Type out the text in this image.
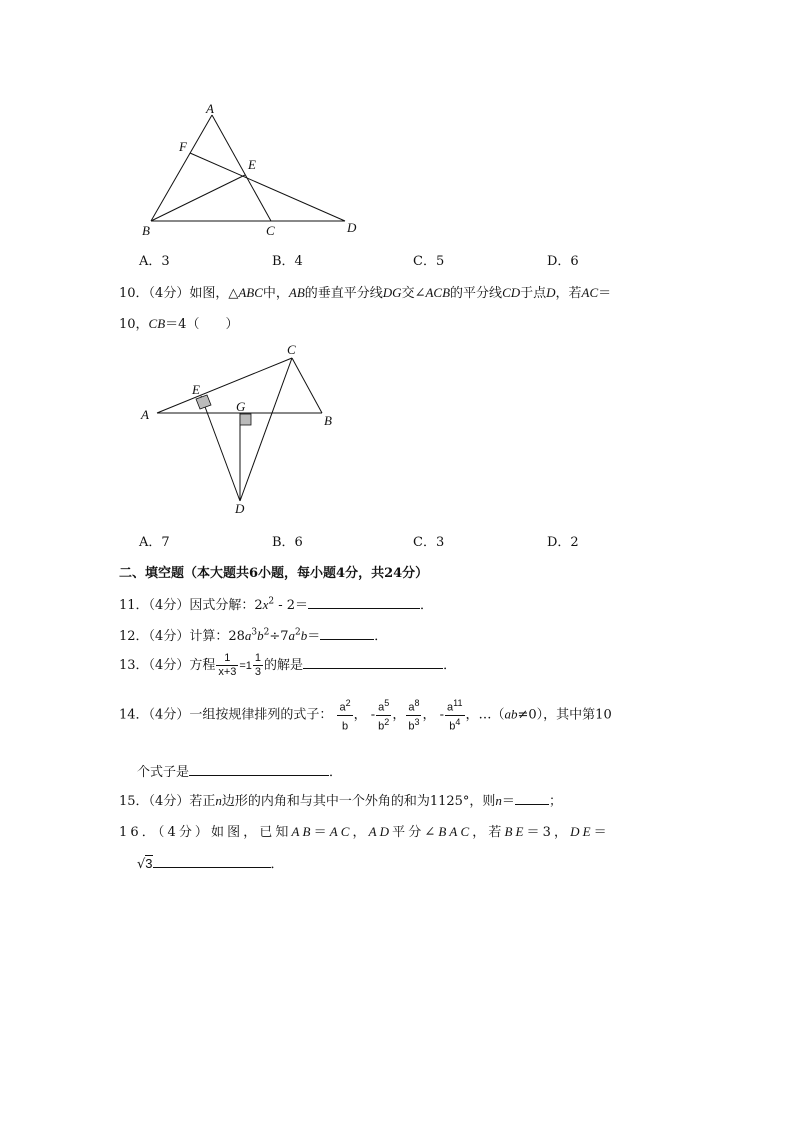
A
F
E
B	C	D
A．3	B．4	C．5	D．6
10．（4分）如图，△ABC中，AB的垂直平分线DG交∠ACB的平分线CD于点D，若AC＝
10，CB＝4（　　）
C
E
G
A	B
D
A．7	B．6	C．3	D．2
二、填空题（本大题共6小题，每小题4分，共24分）
11．（4分）因式分解：$2x^2 - 2=$	．
12．（4分）计算：$28a^3b^2\div 7a^2b=$	．
13．（4分）方程 $\frac{1}{x+3} =1 \frac{1}{3}$ 的解是	．
14．（4分）一组按规律排列的式子： $\frac{a^2}{b}$ ， - $\frac{a^5}{b^2}$ ， $\frac{a^8}{b^3}$ ， - $\frac{a^{11}}{b^4}$ ，…（ab≠0），其中第10
个式子是	．
15．（4分）若正n边形的内角和与其中一个外角的和为1125°，则n＝	；
16．（4分）如图，已知AB＝AC，AD平分∠BAC，若BE＝3，DE＝
√3	．
